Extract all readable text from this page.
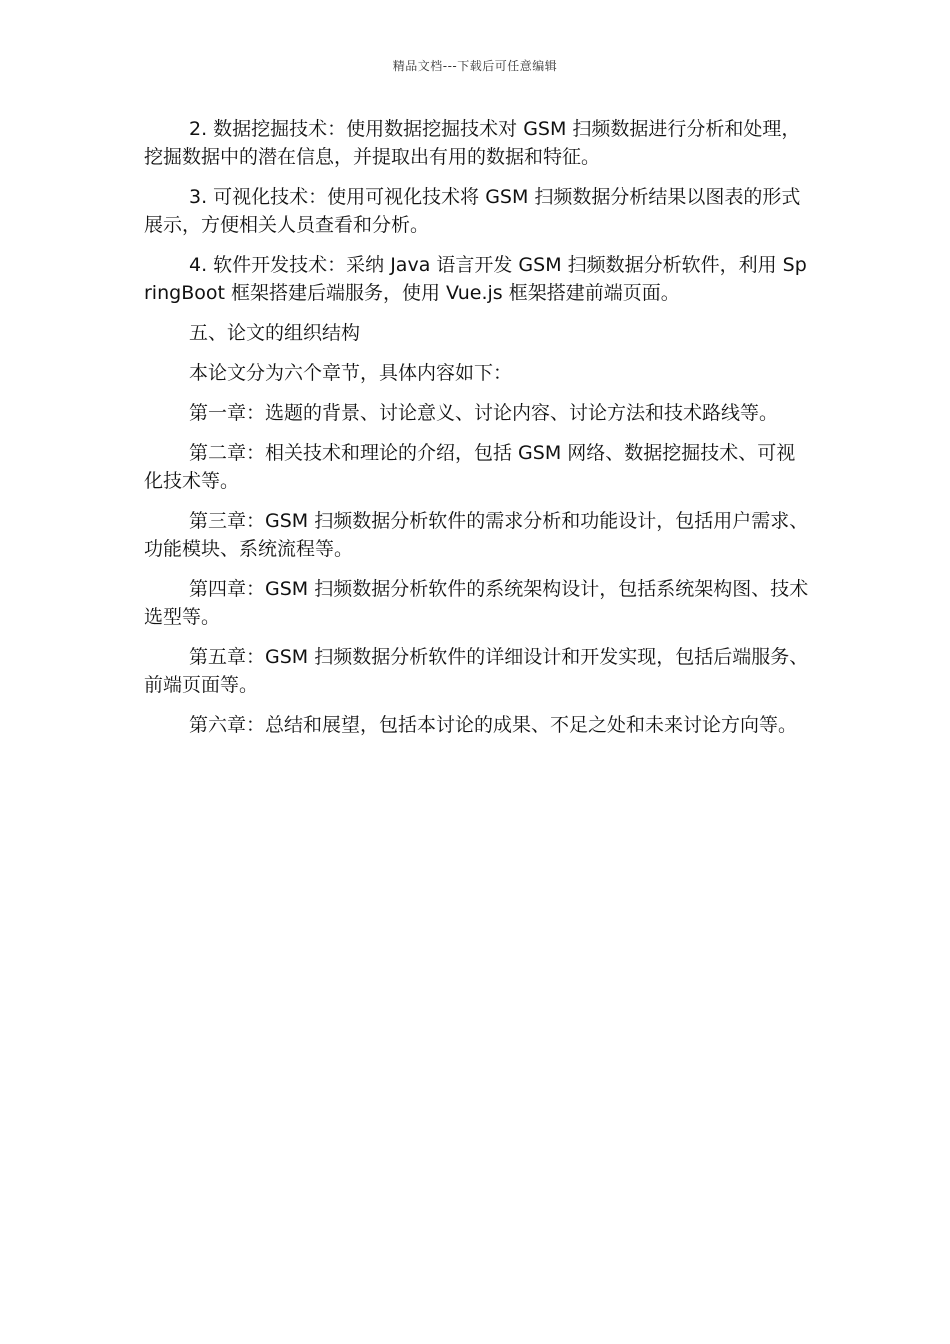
精品文档---下载后可任意编辑

2. 数据挖掘技术：使用数据挖掘技术对 GSM 扫频数据进行分析和处理，挖掘数据中的潜在信息，并提取出有用的数据和特征。

3. 可视化技术：使用可视化技术将 GSM 扫频数据分析结果以图表的形式展示，方便相关人员查看和分析。

4. 软件开发技术：采纳 Java 语言开发 GSM 扫频数据分析软件，利用 SpringBoot 框架搭建后端服务，使用 Vue.js 框架搭建前端页面。

五、论文的组织结构

本论文分为六个章节，具体内容如下：

第一章：选题的背景、讨论意义、讨论内容、讨论方法和技术路线等。

第二章：相关技术和理论的介绍，包括 GSM 网络、数据挖掘技术、可视化技术等。

第三章：GSM 扫频数据分析软件的需求分析和功能设计，包括用户需求、功能模块、系统流程等。

第四章：GSM 扫频数据分析软件的系统架构设计，包括系统架构图、技术选型等。

第五章：GSM 扫频数据分析软件的详细设计和开发实现，包括后端服务、前端页面等。

第六章：总结和展望，包括本讨论的成果、不足之处和未来讨论方向等。
